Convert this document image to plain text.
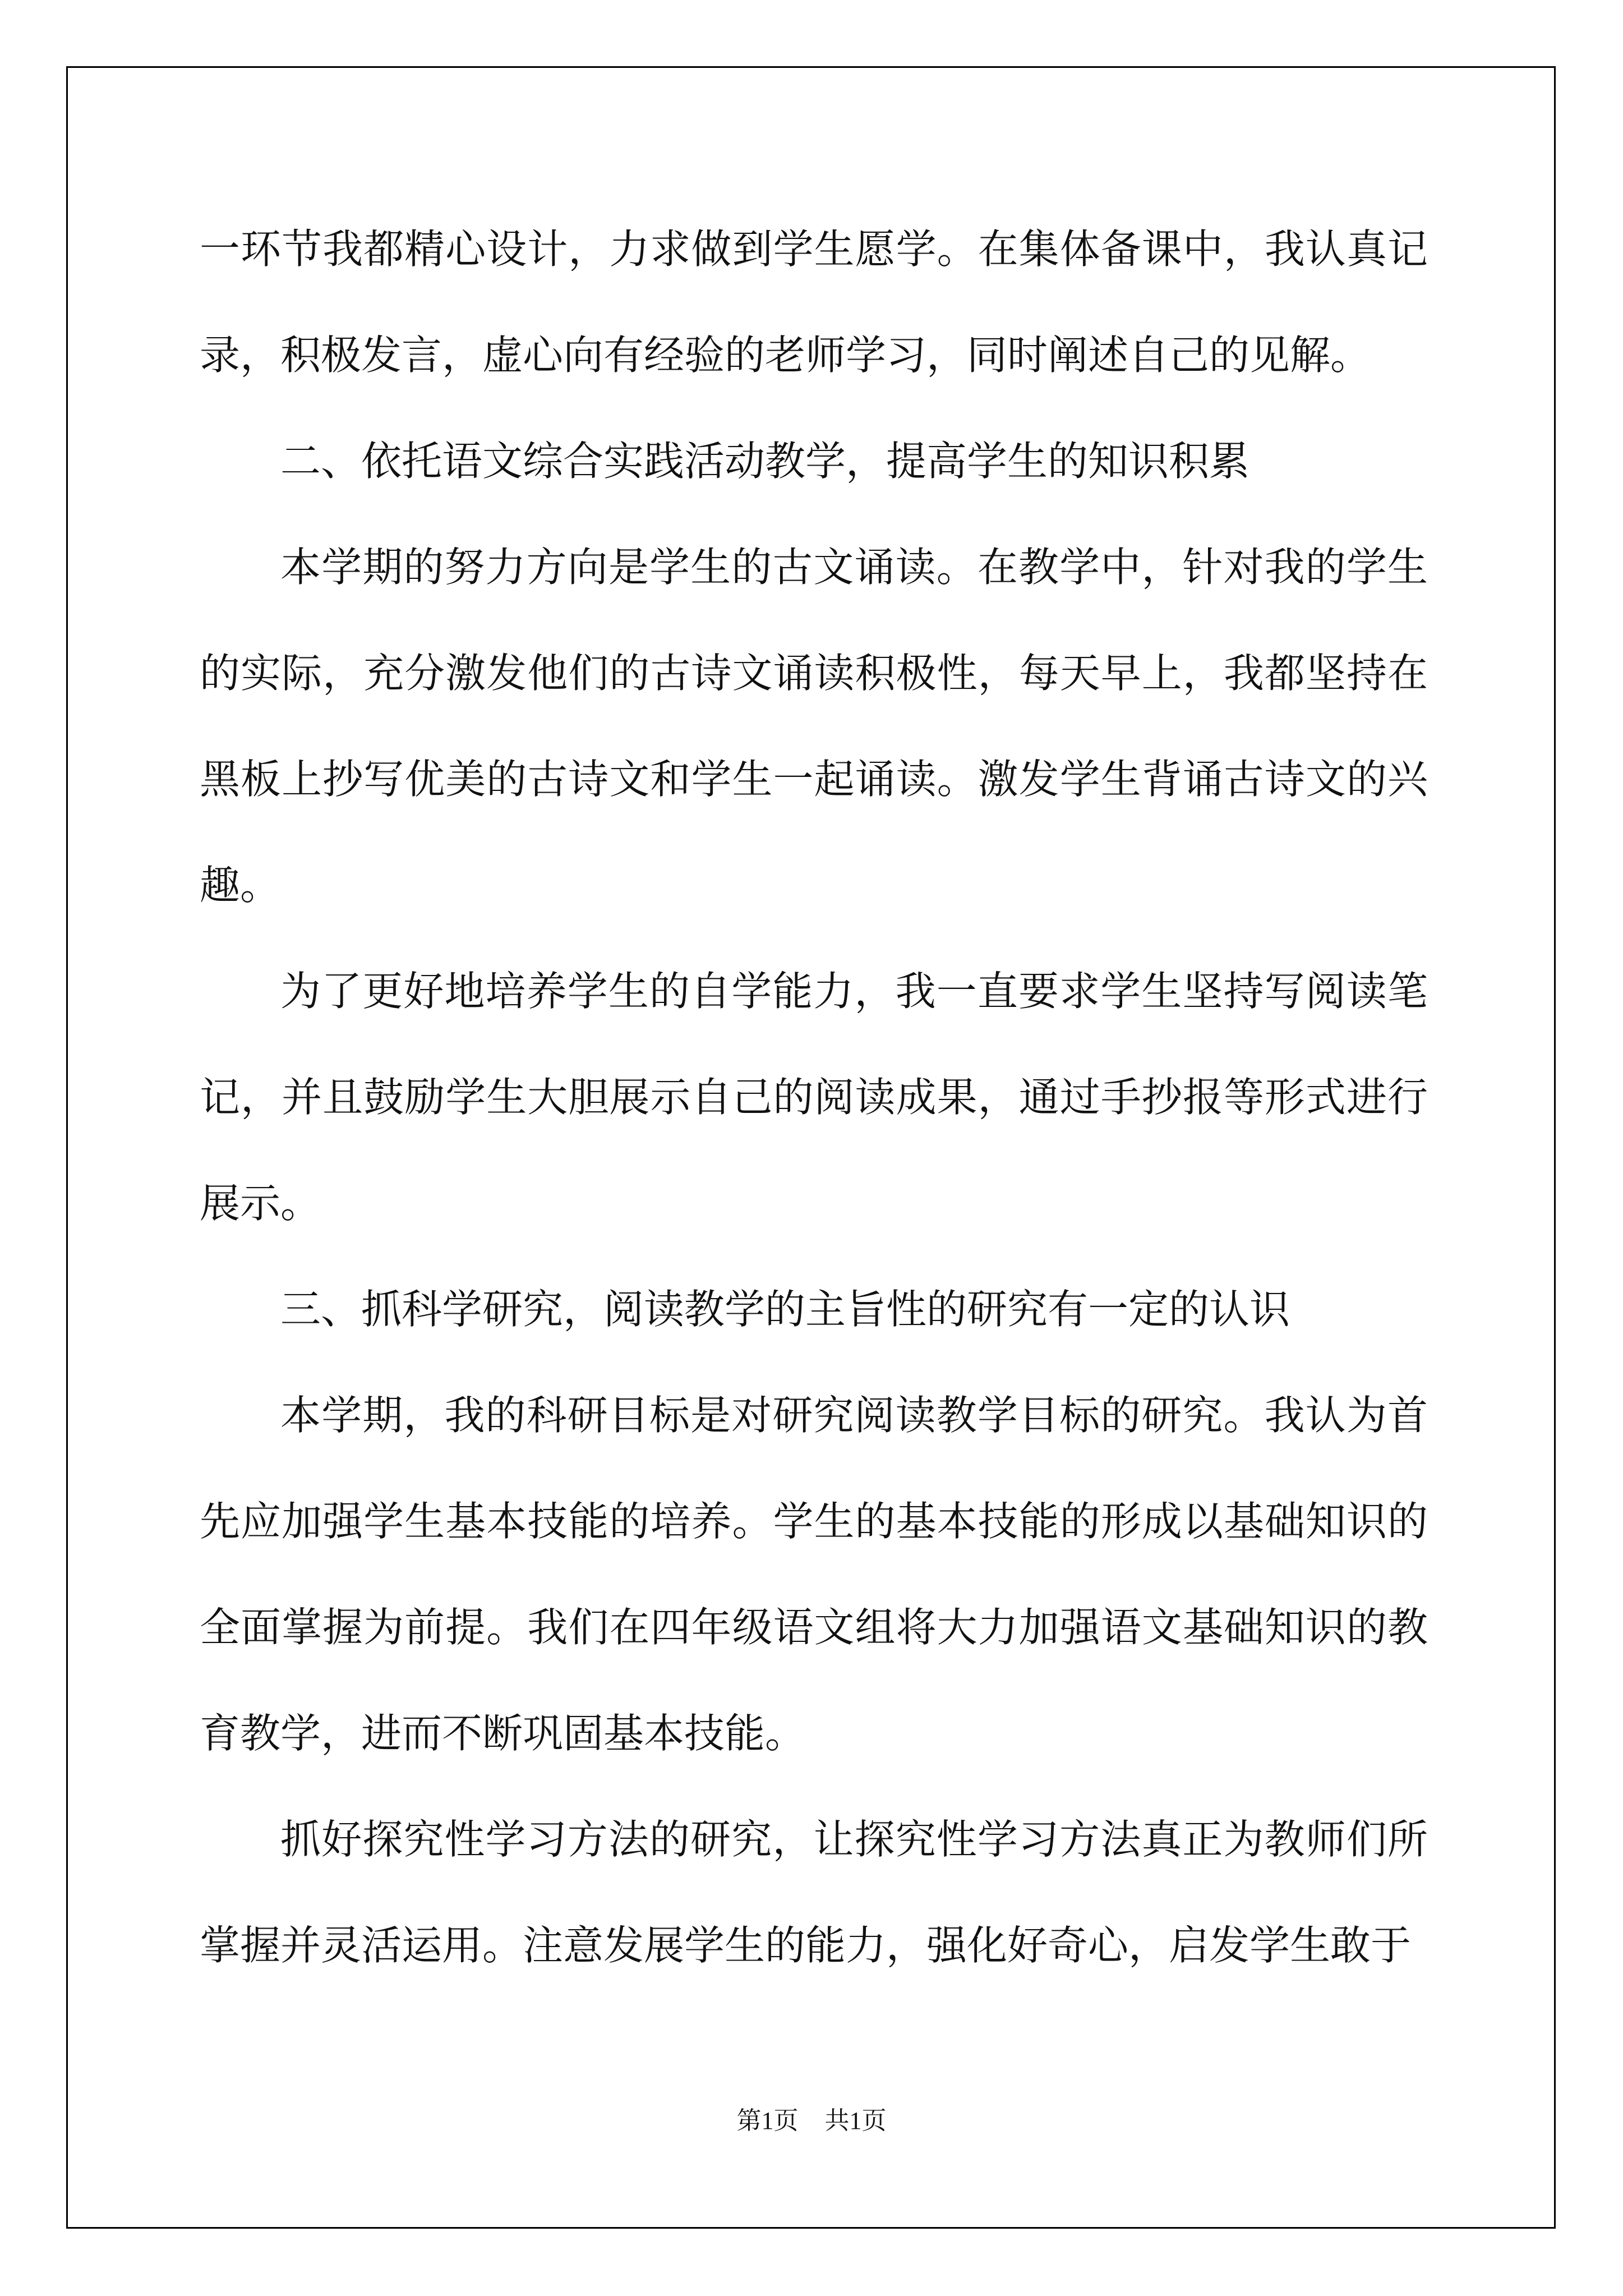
一环节我都精心设计，力求做到学生愿学。在集体备课中，我认真记录，积极发言，虚心向有经验的老师学习，同时阐述自己的见解。

二、依托语文综合实践活动教学，提高学生的知识积累

本学期的努力方向是学生的古文诵读。在教学中，针对我的学生的实际，充分激发他们的古诗文诵读积极性，每天早上，我都坚持在黑板上抄写优美的古诗文和学生一起诵读。激发学生背诵古诗文的兴趣。

为了更好地培养学生的自学能力，我一直要求学生坚持写阅读笔记，并且鼓励学生大胆展示自己的阅读成果，通过手抄报等形式进行展示。

三、抓科学研究，阅读教学的主旨性的研究有一定的认识

本学期，我的科研目标是对研究阅读教学目标的研究。我认为首先应加强学生基本技能的培养。学生的基本技能的形成以基础知识的全面掌握为前提。我们在四年级语文组将大力加强语文基础知识的教育教学，进而不断巩固基本技能。

抓好探究性学习方法的研究，让探究性学习方法真正为教师们所掌握并灵活运用。注意发展学生的能力，强化好奇心，启发学生敢于

第1页 共1页
